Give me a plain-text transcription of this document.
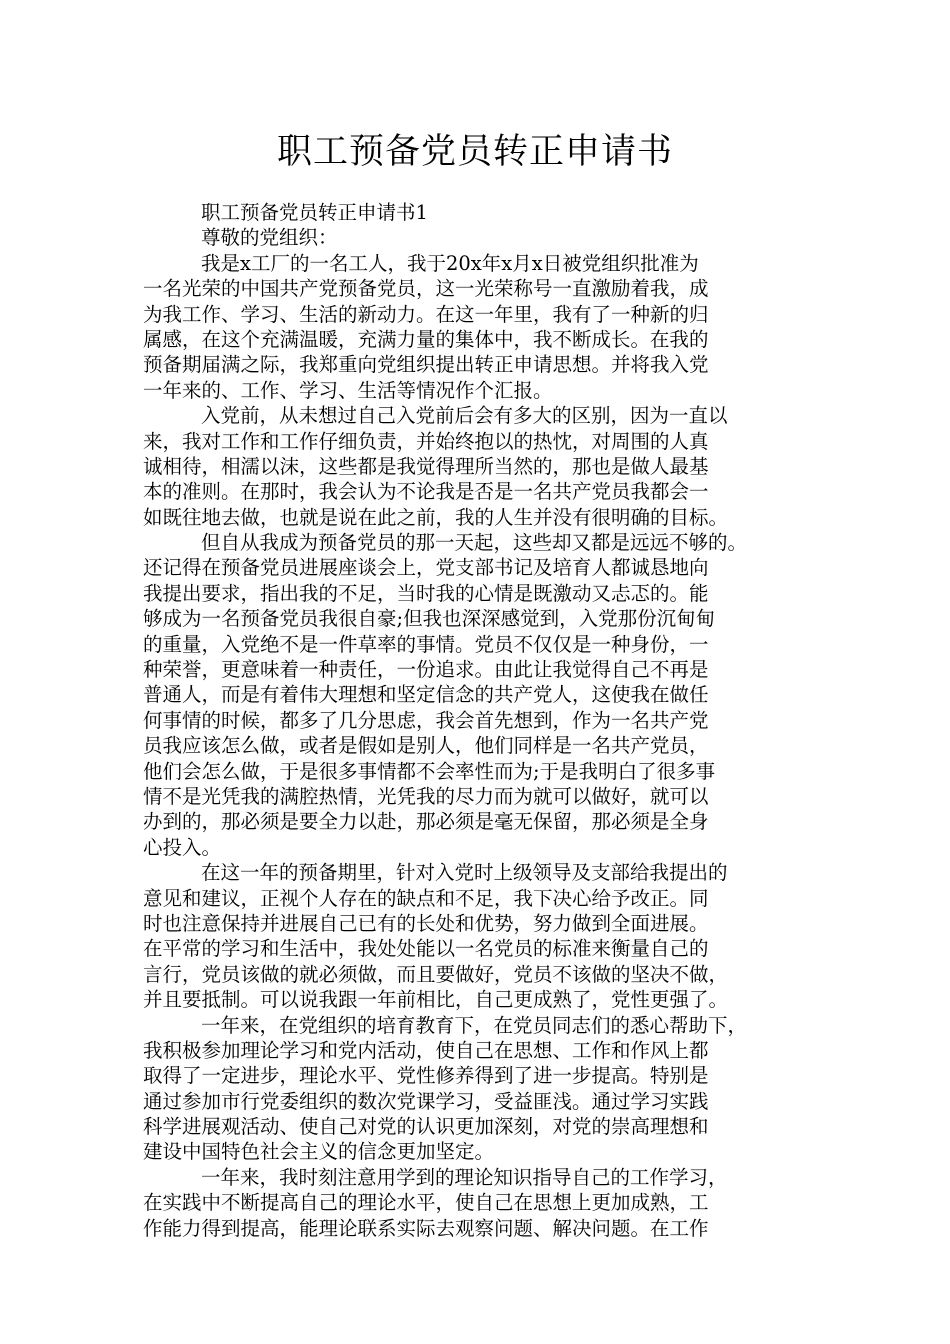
职工预备党员转正申请书
职工预备党员转正申请书1
尊敬的党组织：
我是x工厂的一名工人，我于20x年x月x日被党组织批准为
一名光荣的中国共产党预备党员，这一光荣称号一直激励着我，成
为我工作、学习、生活的新动力。在这一年里，我有了一种新的归
属感，在这个充满温暖，充满力量的集体中，我不断成长。在我的
预备期届满之际，我郑重向党组织提出转正申请思想。并将我入党
一年来的、工作、学习、生活等情况作个汇报。
入党前，从未想过自己入党前后会有多大的区别，因为一直以
来，我对工作和工作仔细负责，并始终抱以的热忱，对周围的人真
诚相待，相濡以沫，这些都是我觉得理所当然的，那也是做人最基
本的准则。在那时，我会认为不论我是否是一名共产党员我都会一
如既往地去做，也就是说在此之前，我的人生并没有很明确的目标。
但自从我成为预备党员的那一天起，这些却又都是远远不够的。
还记得在预备党员进展座谈会上，党支部书记及培育人都诚恳地向
我提出要求，指出我的不足，当时我的心情是既激动又忐忑的。能
够成为一名预备党员我很自豪;但我也深深感觉到，入党那份沉甸甸
的重量，入党绝不是一件草率的事情。党员不仅仅是一种身份，一
种荣誉，更意味着一种责任，一份追求。由此让我觉得自己不再是
普通人，而是有着伟大理想和坚定信念的共产党人，这使我在做任
何事情的时候，都多了几分思虑，我会首先想到，作为一名共产党
员我应该怎么做，或者是假如是别人，他们同样是一名共产党员，
他们会怎么做，于是很多事情都不会率性而为;于是我明白了很多事
情不是光凭我的满腔热情，光凭我的尽力而为就可以做好，就可以
办到的，那必须是要全力以赴，那必须是毫无保留，那必须是全身
心投入。
在这一年的预备期里，针对入党时上级领导及支部给我提出的
意见和建议，正视个人存在的缺点和不足，我下决心给予改正。同
时也注意保持并进展自己已有的长处和优势，努力做到全面进展。
在平常的学习和生活中，我处处能以一名党员的标准来衡量自己的
言行，党员该做的就必须做，而且要做好，党员不该做的坚决不做，
并且要抵制。可以说我跟一年前相比，自己更成熟了，党性更强了。
一年来，在党组织的培育教育下，在党员同志们的悉心帮助下，
我积极参加理论学习和党内活动，使自己在思想、工作和作风上都
取得了一定进步，理论水平、党性修养得到了进一步提高。特别是
通过参加市行党委组织的数次党课学习，受益匪浅。通过学习实践
科学进展观活动、使自己对党的认识更加深刻，对党的崇高理想和
建设中国特色社会主义的信念更加坚定。
一年来，我时刻注意用学到的理论知识指导自己的工作学习，
在实践中不断提高自己的理论水平，使自己在思想上更加成熟，工
作能力得到提高，能理论联系实际去观察问题、解决问题。在工作
